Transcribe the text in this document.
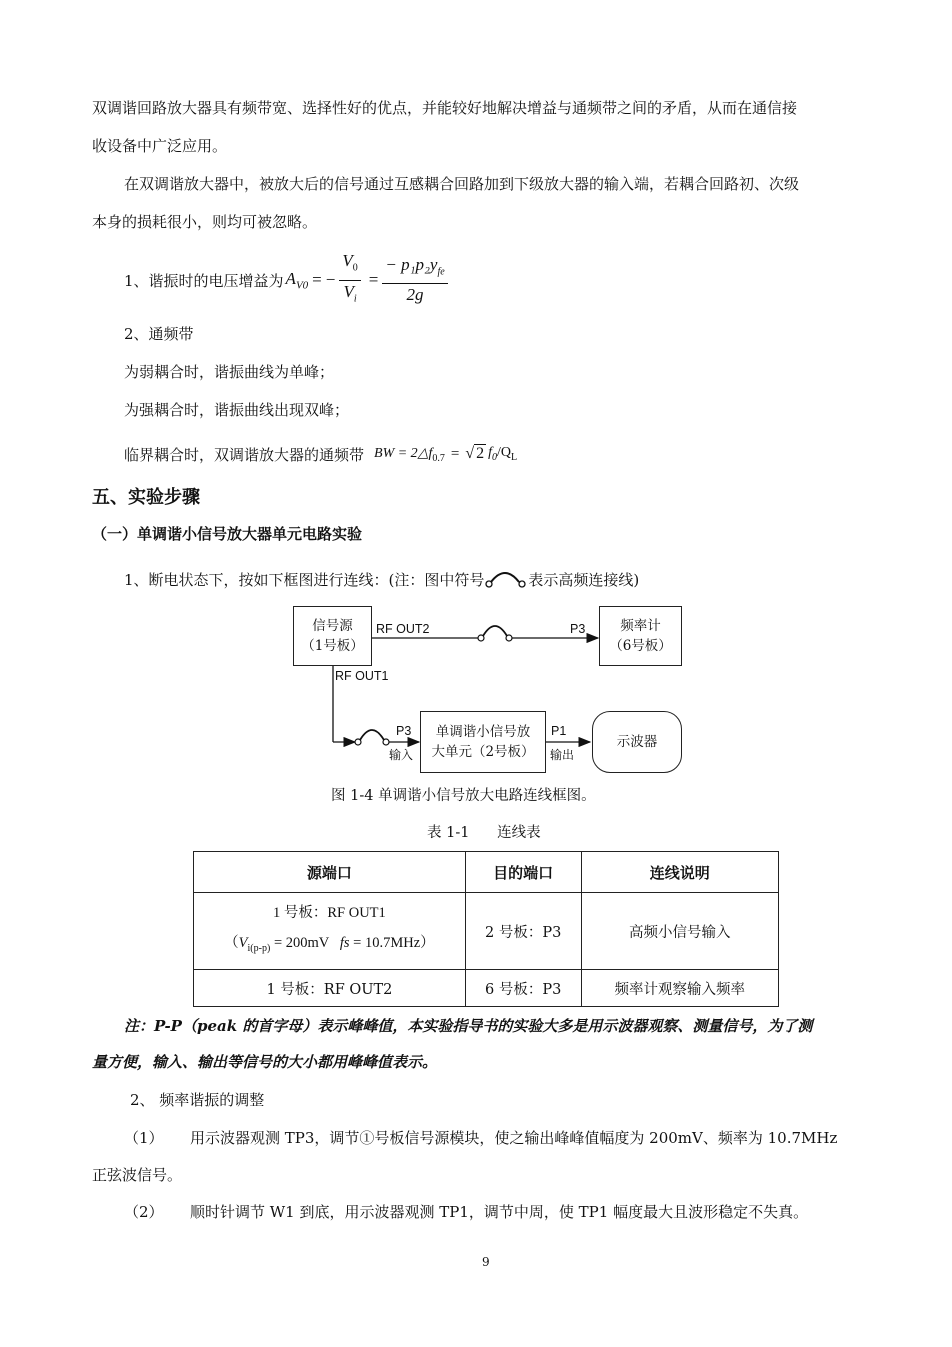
双调谐回路放大器具有频带宽、选择性好的优点，并能较好地解决增益与通频带之间的矛盾，从而在通信接
收设备中广泛应用。
在双调谐放大器中，被放大后的信号通过互感耦合回路加到下级放大器的输入端，若耦合回路初、次级
本身的损耗很小，则均可被忽略。
1、谐振时的电压增益为 $A_{V0}$ = − $\frac{V_0}{V_i}$ =
− $p_1p_2y_{fe}$
2g
2、通频带
为弱耦合时，谐振曲线为单峰；
为强耦合时，谐振曲线出现双峰；
临界耦合时，双调谐放大器的通频带 BW = $2\triangle f_{0.7}$ = √ 2 $f_0$ $/Q_L$
五、实验步骤
（一）单调谐小信号放大器单元电路实验
1、断电状态下，按如下框图进行连线：(注：图中符号	表示高频连接线)
信号源
（1号板）
频率计
（6号板）
单调谐小信号放
大单元（2号板）
示波器
RF OUT2	P3
RF OUT1
P3
输入
P1
输出
图 1-4 单调谐小信号放大电路连线框图。
表 1-1      连线表
源端口	目的端口	连线说明

1 号板：RF OUT1
（$V_{i(p-p)} = 200mV$   fs = 10.7MHz）	2 号板：P3	高频小信号输入
1 号板：RF OUT2	6 号板：P3	频率计观察输入频率
注：P-P（peak 的首字母）表示峰峰值，本实验指导书的实验大多是用示波器观察、测量信号，为了测
量方便，输入、输出等信号的大小都用峰峰值表示。
2、 频率谐振的调整
（1） 用示波器观测 TP3，调节①号板信号源模块，使之输出峰峰值幅度为 200mV、频率为 10.7MHz
正弦波信号。
（2） 顺时针调节 W1 到底，用示波器观测 TP1，调节中周，使 TP1 幅度最大且波形稳定不失真。
9
